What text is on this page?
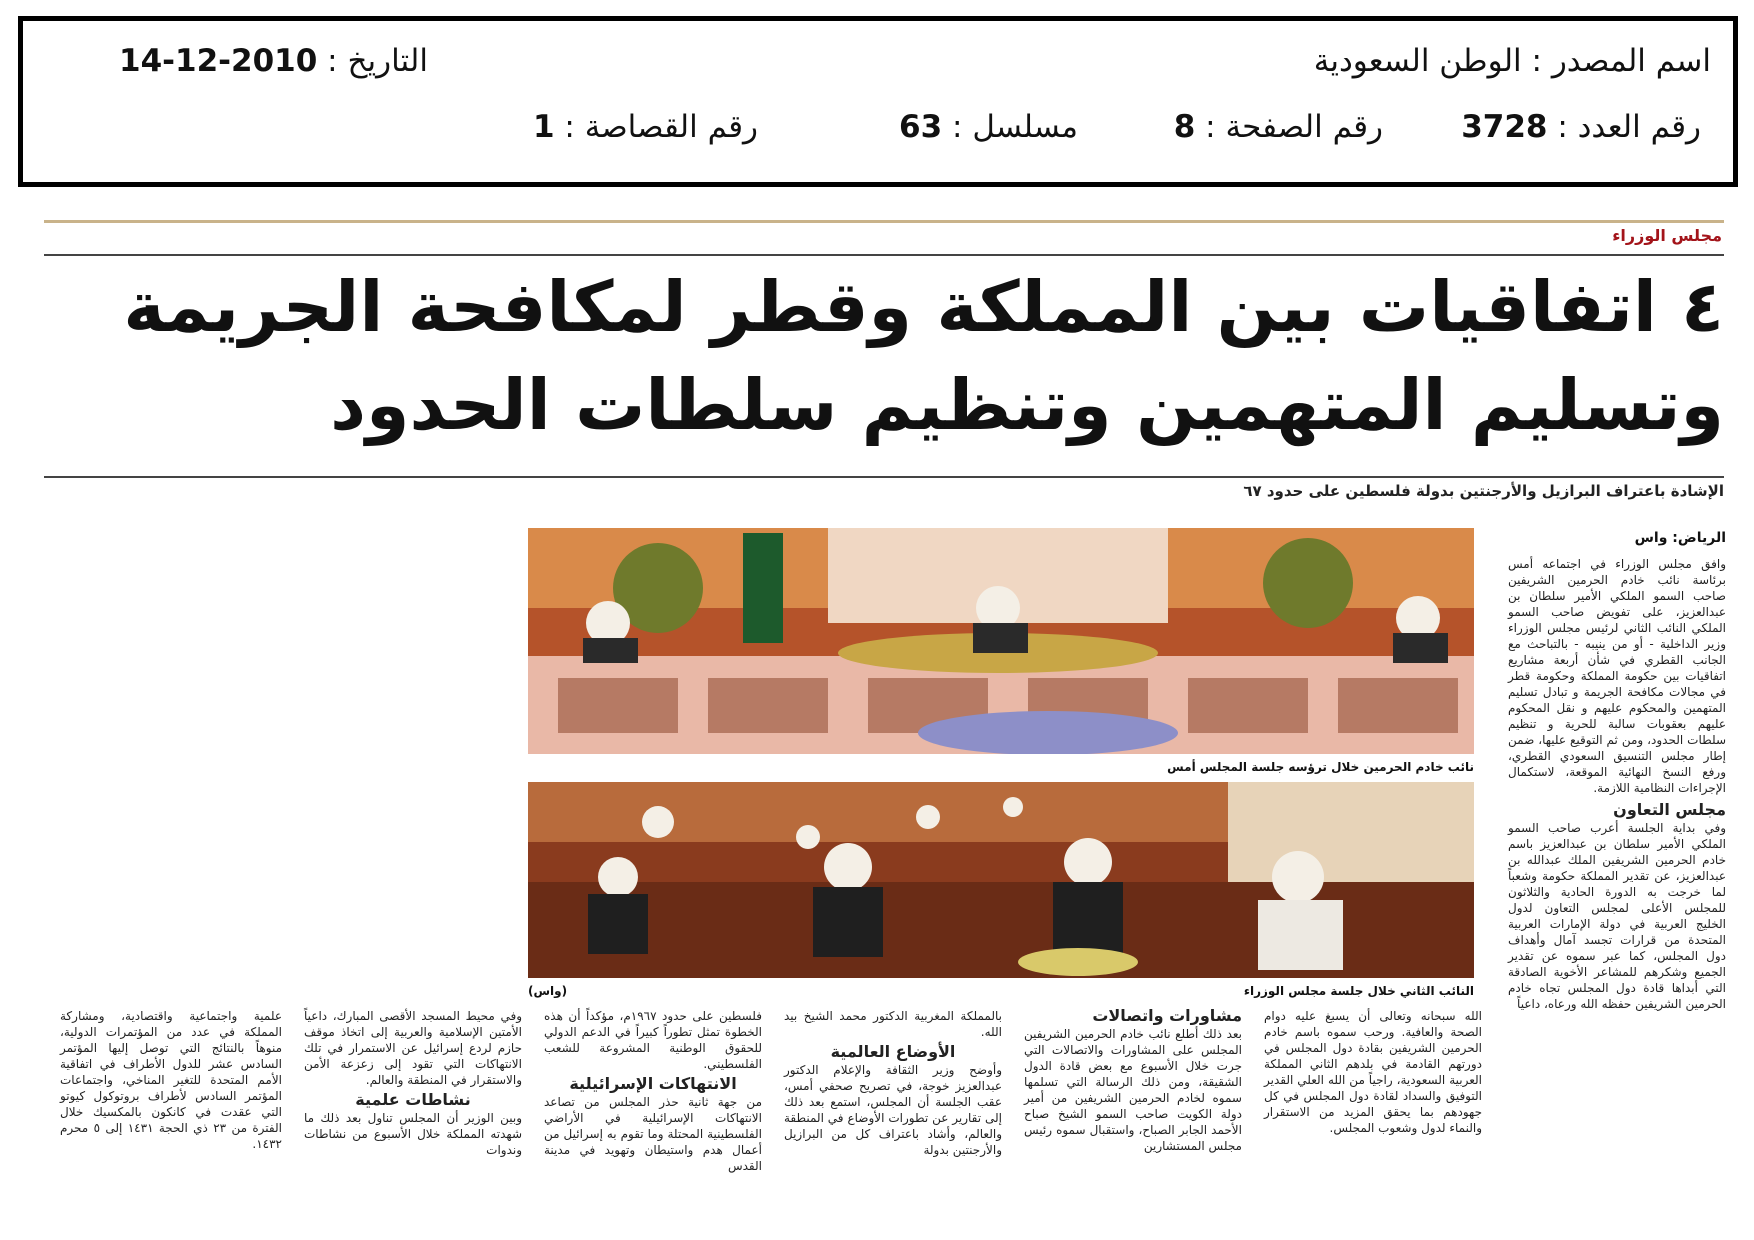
اسم المصدر : الوطن السعودية
التاريخ : 2010-12-14
رقم العدد : 3728
رقم الصفحة : 8
مسلسل : 63
رقم القصاصة : 1
مجلس الوزراء
٤ اتفاقيات بين المملكة وقطر لمكافحة الجريمة
وتسليم المتهمين وتنظيم سلطات الحدود
الإشادة باعتراف البرازيل والأرجنتين بدولة فلسطين على حدود ٦٧
الرياض: واس
نائب خادم الحرمين خلال ترؤسه جلسة المجلس أمس
النائب الثاني خلال جلسة مجلس الوزراء
(واس)

وافق مجلس الوزراء في اجتماعه أمس برئاسة نائب خادم الحرمين الشريفين صاحب السمو الملكي الأمير سلطان بن عبدالعزيز، على تفويض صاحب السمو الملكي النائب الثاني لرئيس مجلس الوزراء وزير الداخلية - أو من ينيبه - بالتباحث مع الجانب القطري في شأن أربعة مشاريع اتفاقيات بين حكومة المملكة وحكومة قطر في مجالات مكافحة الجريمة و تبادل تسليم المتهمين والمحكوم عليهم و نقل المحكوم عليهم بعقوبات سالبة للحرية و تنظيم سلطات الحدود، ومن ثم التوقيع عليها، ضمن إطار مجلس التنسيق السعودي القطري، ورفع النسخ النهائية الموقعة، لاستكمال الإجراءات النظامية اللازمة.

مجلس التعاون

وفي بداية الجلسة أعرب صاحب السمو الملكي الأمير سلطان بن عبدالعزيز باسم خادم الحرمين الشريفين الملك عبدالله بن عبدالعزيز، عن تقدير المملكة حكومة وشعباً لما خرجت به الدورة الحادية والثلاثون للمجلس الأعلى لمجلس التعاون لدول الخليج العربية في دولة الإمارات العربية المتحدة من قرارات تجسد آمال وأهداف دول المجلس، كما عبر سموه عن تقدير الجميع وشكرهم للمشاعر الأخوية الصادقة التي أبداها قادة دول المجلس تجاه خادم الحرمين الشريفين حفظه الله ورعاه، داعياً

الله سبحانه وتعالى أن يسبغ عليه دوام الصحة والعافية. ورحب سموه باسم خادم الحرمين الشريفين بقادة دول المجلس في دورتهم القادمة في بلدهم الثاني المملكة العربية السعودية، راجياً من الله العلي القدير التوفيق والسداد لقادة دول المجلس في كل جهودهم بما يحقق المزيد من الاستقرار والنماء لدول وشعوب المجلس.

مشاورات واتصالات

بعد ذلك أطلع نائب خادم الحرمين الشريفين المجلس على المشاورات والاتصالات التي جرت خلال الأسبوع مع بعض قادة الدول الشقيقة، ومن ذلك الرسالة التي تسلمها سموه لخادم الحرمين الشريفين من أمير دولة الكويت صاحب السمو الشيخ صباح الأحمد الجابر الصباح، واستقبال سموه رئيس مجلس المستشارين

بالمملكة المغربية الدكتور محمد الشيخ بيد الله.

الأوضاع العالمية

وأوضح وزير الثقافة والإعلام الدكتور عبدالعزيز خوجة، في تصريح صحفي أمس، عقب الجلسة أن المجلس، استمع بعد ذلك إلى تقارير عن تطورات الأوضاع في المنطقة والعالم، وأشاد باعتراف كل من البرازيل والأرجنتين بدولة

فلسطين على حدود ١٩٦٧م، مؤكداً أن هذه الخطوة تمثل تطوراً كبيراً في الدعم الدولي للحقوق الوطنية المشروعة للشعب الفلسطيني.

الانتهاكات الإسرائيلية

من جهة ثانية حذر المجلس من تصاعد الانتهاكات الإسرائيلية في الأراضي الفلسطينية المحتلة وما تقوم به إسرائيل من أعمال هدم واستيطان وتهويد في مدينة القدس

وفي محيط المسجد الأقصى المبارك، داعياً الأمتين الإسلامية والعربية إلى اتخاذ موقف حازم لردع إسرائيل عن الاستمرار في تلك الانتهاكات التي تقود إلى زعزعة الأمن والاستقرار في المنطقة والعالم.

نشاطات علمية

وبين الوزير أن المجلس تناول بعد ذلك ما شهدته المملكة خلال الأسبوع من نشاطات وندوات

علمية واجتماعية واقتصادية، ومشاركة المملكة في عدد من المؤتمرات الدولية، منوهاً بالنتائج التي توصل إليها المؤتمر السادس عشر للدول الأطراف في اتفاقية الأمم المتحدة للتغير المناخي، واجتماعات المؤتمر السادس لأطراف بروتوكول كيوتو التي عقدت في كانكون بالمكسيك خلال الفترة من ٢٣ ذي الحجة ١٤٣١ إلى ٥ محرم ١٤٣٢.
